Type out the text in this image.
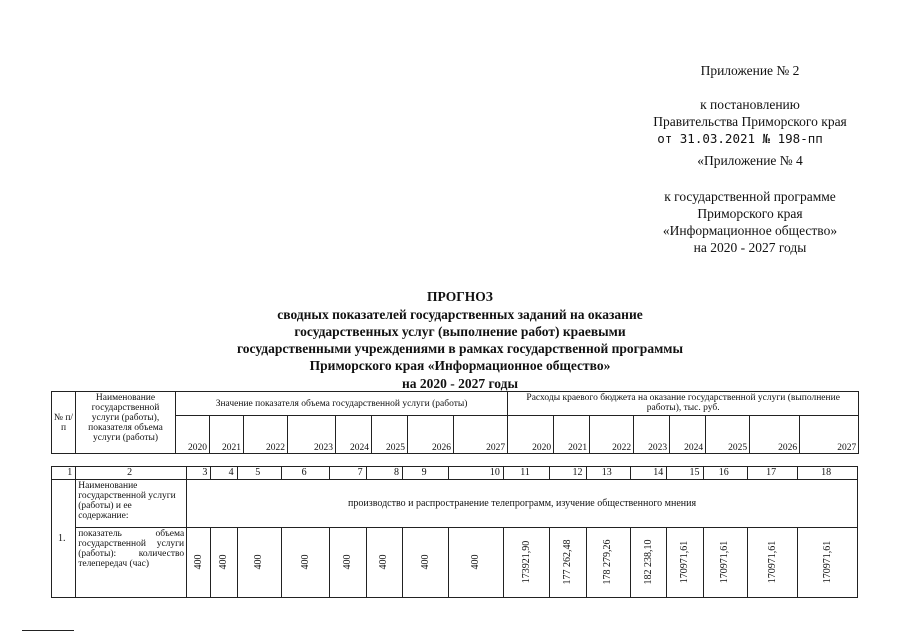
Приложение № 2
к постановлению
Правительства Приморского края
от 31.03.2021 № 198-пп
«Приложение № 4
к государственной программе
Приморского края
«Информационное общество»
на 2020 - 2027 годы
ПРОГНОЗ
сводных показателей государственных заданий на оказание
государственных услуг (выполнение работ) краевыми
государственными учреждениями в рамках государственной программы
Приморского края «Информационное общество»
на 2020 - 2027 годы
№ п/п	Наименование государственной услуги (работы), показателя объема услуги (работы)	Значение показателя объема государственной услуги (работы)								Расходы краевого бюджета на оказание государственной услуги (выполнение работы), тыс. руб.							
		2020	2021	2022	2023	2024	2025	2026	2027	2020	2021	2022	2023	2024	2025	2026	2027
1	2	3	4	5	6	7	8	9	10	11	12	13	14	15	16	17	18
1.	Наименование государственной услуги (работы) и ее содержание:	производство и распространение телепрограмм, изучение общественного мнения															
	показатель объема государственной услуги (работы): количество телепередач (час)	400	400	400	400	400	400	400	400	173921,90	177 262,48	178 279,26	182 238,10	170971,61	170971,61	170971,61	170971,61
